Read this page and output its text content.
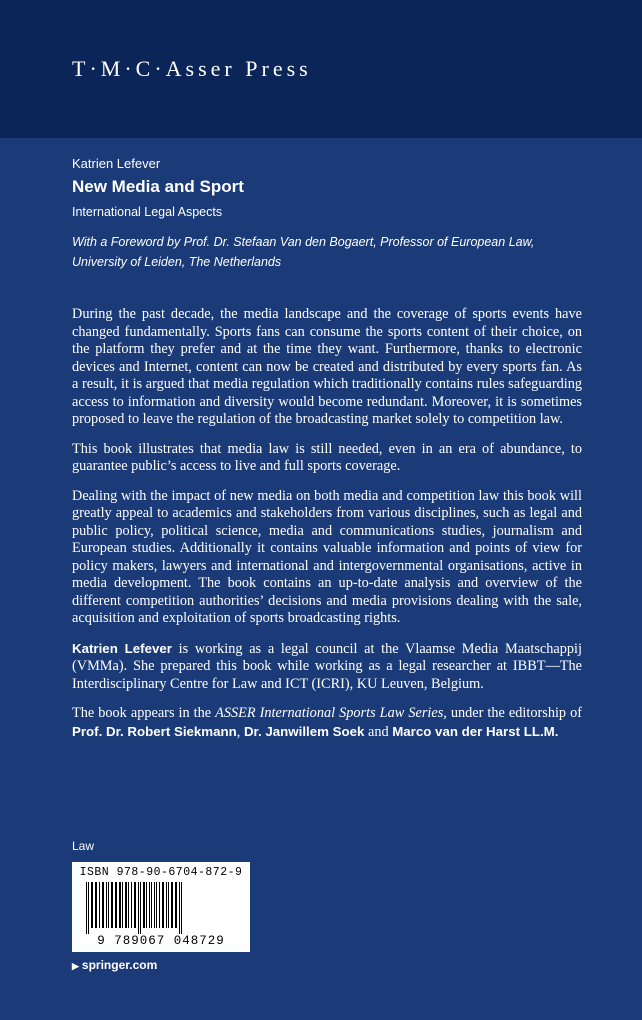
T·M·C·Asser Press

Katrien Lefever

New Media and Sport

International Legal Aspects

With a Foreword by Prof. Dr. Stefaan Van den Bogaert, Professor of European Law,
University of Leiden, The Netherlands

During the past decade, the media landscape and the coverage of sports events have changed fundamentally. Sports fans can consume the sports content of their choice, on the platform they prefer and at the time they want. Furthermore, thanks to electronic devices and Internet, content can now be created and distributed by every sports fan. As a result, it is argued that media regulation which traditionally contains rules safeguarding access to information and diversity would become redundant. Moreover, it is sometimes proposed to leave the regulation of the broadcasting market solely to competition law.

This book illustrates that media law is still needed, even in an era of abundance, to guarantee public’s access to live and full sports coverage.

Dealing with the impact of new media on both media and competition law this book will greatly appeal to academics and stakeholders from various disciplines, such as legal and public policy, political science, media and communications studies, journalism and European studies. Additionally it contains valuable information and points of view for policy makers, lawyers and international and intergovernmental organisations, active in media development. The book contains an up-to-date analysis and overview of the different competition authorities’ decisions and media provisions dealing with the sale, acquisition and exploitation of sports broadcasting rights.

Katrien Lefever is working as a legal council at the Vlaamse Media Maatschappij (VMMa). She prepared this book while working as a legal researcher at IBBT—The Interdisciplinary Centre for Law and ICT (ICRI), KU Leuven, Belgium.

The book appears in the ASSER International Sports Law Series, under the editorship of Prof. Dr. Robert Siekmann, Dr. Janwillem Soek and Marco van der Harst LL.M.

Law
ISBN 978-90-6704-872-9
9 789067 048729
▶ springer.com
